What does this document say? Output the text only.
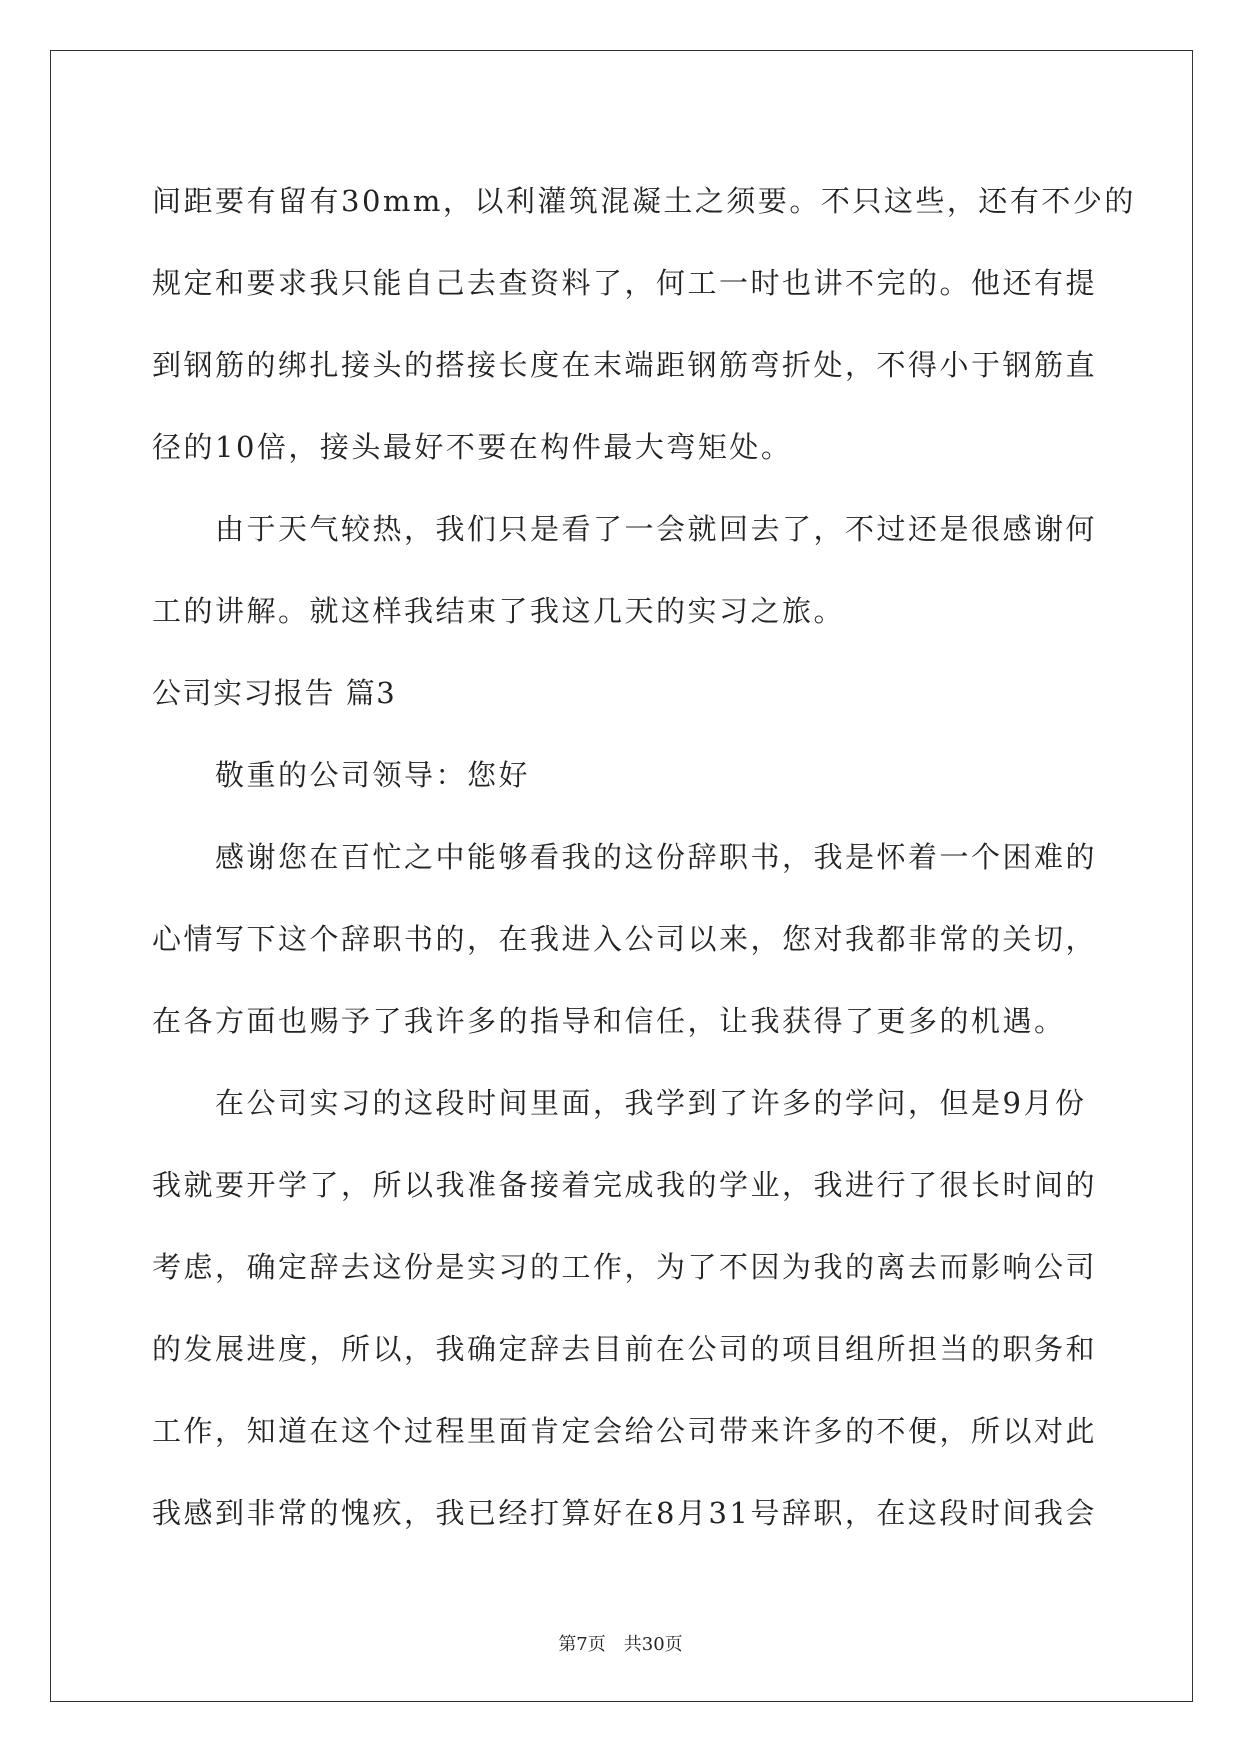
间距要有留有30mm，以利灌筑混凝土之须要。不只这些，还有不少的
规定和要求我只能自己去查资料了，何工一时也讲不完的。他还有提
到钢筋的绑扎接头的搭接长度在末端距钢筋弯折处，不得小于钢筋直
径的10倍，接头最好不要在构件最大弯矩处。
由于天气较热，我们只是看了一会就回去了，不过还是很感谢何
工的讲解。就这样我结束了我这几天的实习之旅。
公司实习报告 篇3
敬重的公司领导：您好
感谢您在百忙之中能够看我的这份辞职书，我是怀着一个困难的
心情写下这个辞职书的，在我进入公司以来，您对我都非常的关切，
在各方面也赐予了我许多的指导和信任，让我获得了更多的机遇。
在公司实习的这段时间里面，我学到了许多的学问，但是9月份
我就要开学了，所以我准备接着完成我的学业，我进行了很长时间的
考虑，确定辞去这份是实习的工作，为了不因为我的离去而影响公司
的发展进度，所以，我确定辞去目前在公司的项目组所担当的职务和
工作，知道在这个过程里面肯定会给公司带来许多的不便，所以对此
我感到非常的愧疚，我已经打算好在8月31号辞职，在这段时间我会
第7页　共30页
